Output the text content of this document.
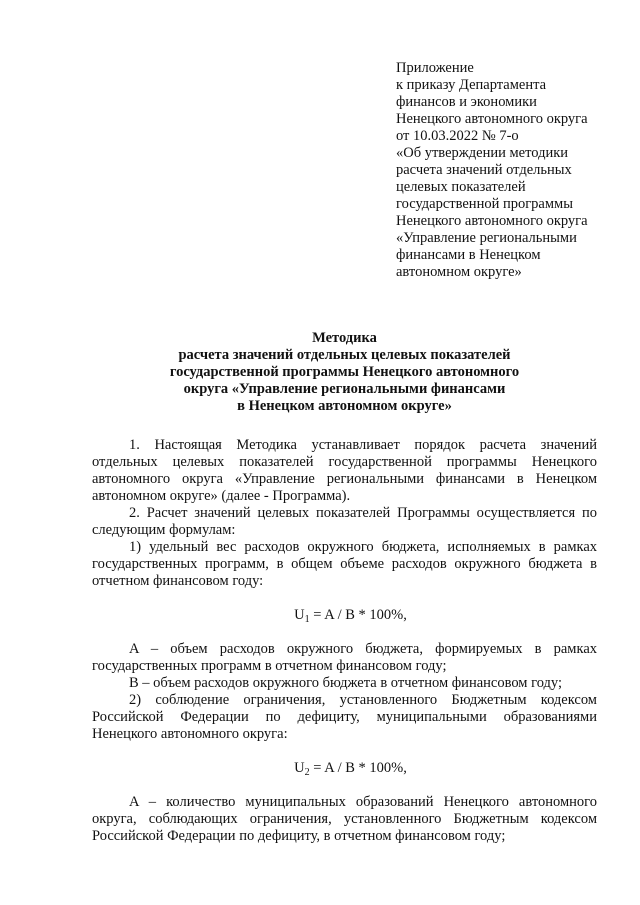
Приложение
к приказу Департамента
финансов и экономики
Ненецкого автономного округа
от 10.03.2022 № 7-о
«Об утверждении методики
расчета значений отдельных
целевых показателей
государственной программы
Ненецкого автономного округа
«Управление региональными
финансами в Ненецком
автономном округе»
Методика
расчета значений отдельных целевых показателей
государственной программы Ненецкого автономного
округа «Управление региональными финансами
в Ненецком автономном округе»

1. Настоящая Методика устанавливает порядок расчета значений отдельных целевых показателей государственной программы Ненецкого автономного округа «Управление региональными финансами в Ненецком автономном округе» (далее - Программа).

2. Расчет значений целевых показателей Программы осуществляется по следующим формулам:

1) удельный вес расходов окружного бюджета, исполняемых в рамках государственных программ, в общем объеме расходов окружного бюджета в отчетном финансовом году:

$U_1 = A / B * 100\%$,

A – объем расходов окружного бюджета, формируемых в рамках государственных программ в отчетном финансовом году;

B – объем расходов окружного бюджета в отчетном финансовом году;

2) соблюдение ограничения, установленного Бюджетным кодексом Российской Федерации по дефициту, муниципальными образованиями Ненецкого автономного округа:

$U_2 = A / B * 100\%$,

A – количество муниципальных образований Ненецкого автономного округа, соблюдающих ограничения, установленного Бюджетным кодексом Российской Федерации по дефициту, в отчетном финансовом году;
